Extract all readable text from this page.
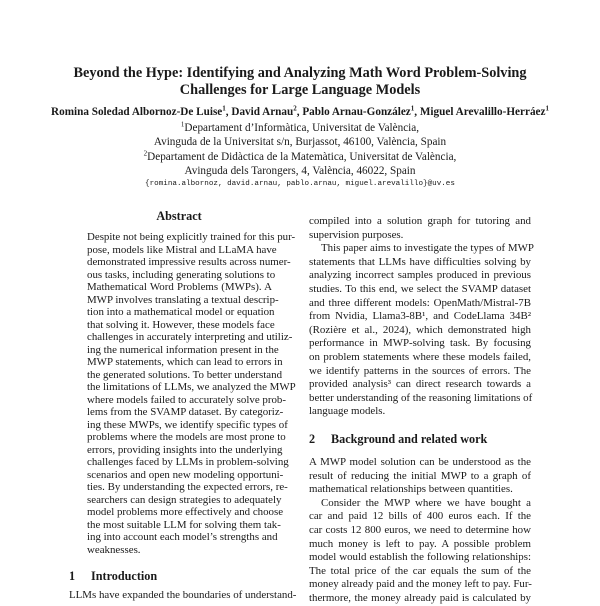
Beyond the Hype: Identifying and Analyzing Math Word Problem-Solving
Challenges for Large Language Models
Romina Soledad Albornoz-De Luise$^1$, David Arnau$^2$, Pablo Arnau-González$^1$, Miguel Arevalillo-Herráez$^1$
$^1$Departament d’Informàtica, Universitat de València,
Avinguda de la Universitat s/n, Burjassot, 46100, València, Spain
$^2$Departament de Didàctica de la Matemàtica, Universitat de València,
Avinguda dels Tarongers, 4, València, 46022, Spain
{romina.albornoz, david.arnau, pablo.arnau, miguel.arevalillo}@uv.es
Abstract
Despite not being explicitly trained for this pur-
pose, models like Mistral and LLaMA have
demonstrated impressive results across numer-
ous tasks, including generating solutions to
Mathematical Word Problems (MWPs). A
MWP involves translating a textual descrip-
tion into a mathematical model or equation
that solving it. However, these models face
challenges in accurately interpreting and utiliz-
ing the numerical information present in the
MWP statements, which can lead to errors in
the generated solutions. To better understand
the limitations of LLMs, we analyzed the MWP
where models failed to accurately solve prob-
lems from the SVAMP dataset. By categoriz-
ing these MWPs, we identify specific types of
problems where the models are most prone to
errors, providing insights into the underlying
challenges faced by LLMs in problem-solving
scenarios and open new modeling opportuni-
ties. By understanding the expected errors, re-
searchers can design strategies to adequately
model problems more effectively and choose
the most suitable LLM for solving them tak-
ing into account each model’s strengths and
weaknesses.
1 Introduction
LLMs have expanded the boundaries of understand-
compiled into a solution graph for tutoring and
supervision purposes.
This paper aims to investigate the types of MWP
statements that LLMs have difficulties solving by
analyzing incorrect samples produced in previous
studies. To this end, we select the SVAMP dataset
and three different models: OpenMath/Mistral-7B
from Nvidia, Llama3-8B¹, and CodeLlama 34B²
(Rozière et al., 2024), which demonstrated high
performance in MWP-solving task. By focusing
on problem statements where these models failed,
we identify patterns in the sources of errors. The
provided analysis³ can direct research towards a
better understanding of the reasoning limitations of
language models.
2 Background and related work
A MWP model solution can be understood as the
result of reducing the initial MWP to a graph of
mathematical relationships between quantities.
Consider the MWP where we have bought a
car and paid 12 bills of 400 euros each. If the
car costs 12 800 euros, we need to determine how
much money is left to pay. A possible problem
model would establish the following relationships:
The total price of the car equals the sum of the
money already paid and the money left to pay. Fur-
thermore, the money already paid is calculated by
